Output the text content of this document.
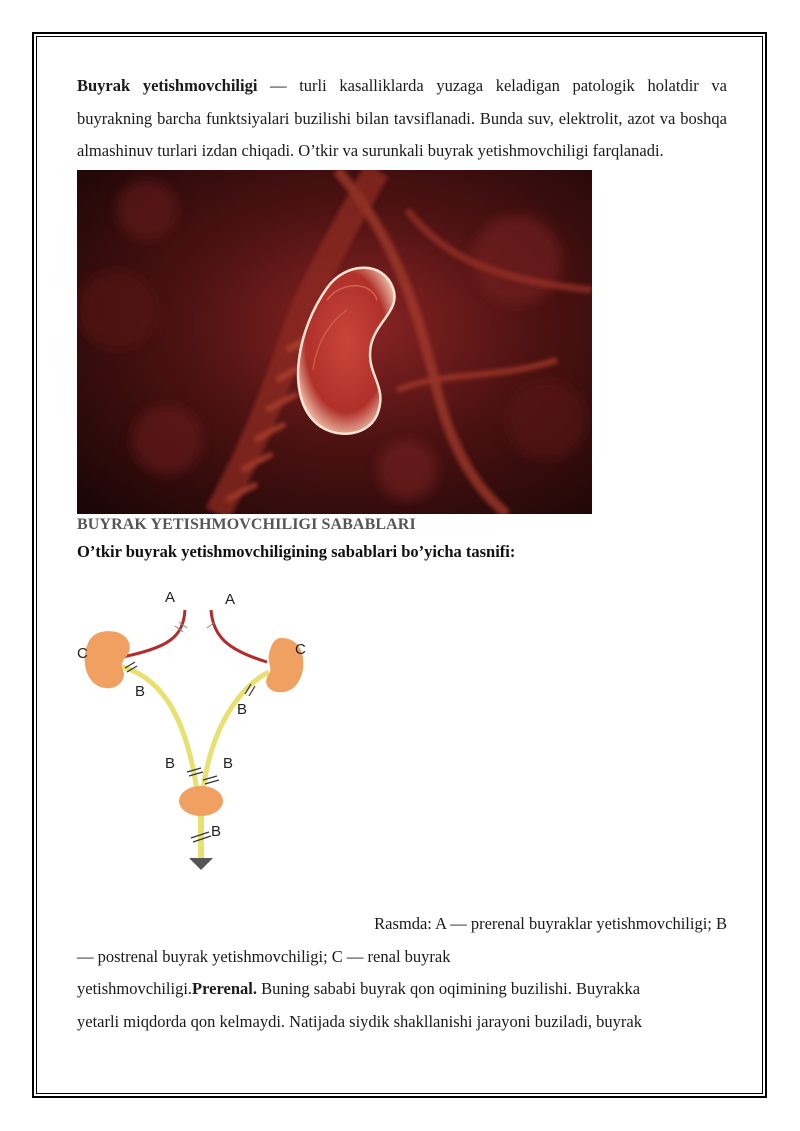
Buyrak yetishmovchiligi — turli kasalliklarda yuzaga keladigan patologik holatdir va buyrakning barcha funktsiyalari buzilishi bilan tavsiflanadi. Bunda suv, elektrolit, azot va boshqa almashinuv turlari izdan chiqadi. O’tkir va surunkali buyrak yetishmovchiligi farqlanadi.

BUYRAK YETISHMOVCHILIGI SABABLARI

O’tkir buyrak yetishmovchiligining sabablari bo’yicha tasnifi:

A	A
C	C
B
B
B	B
B

Rasmda: A — prerenal buyraklar yetishmovchiligi; B

— postrenal buyrak yetishmovchiligi; C — renal buyrak

yetishmovchiligi.Prerenal. Buning sababi buyrak qon oqimining buzilishi. Buyrakka

yetarli miqdorda qon kelmaydi. Natijada siydik shakllanishi jarayoni buziladi, buyrak
